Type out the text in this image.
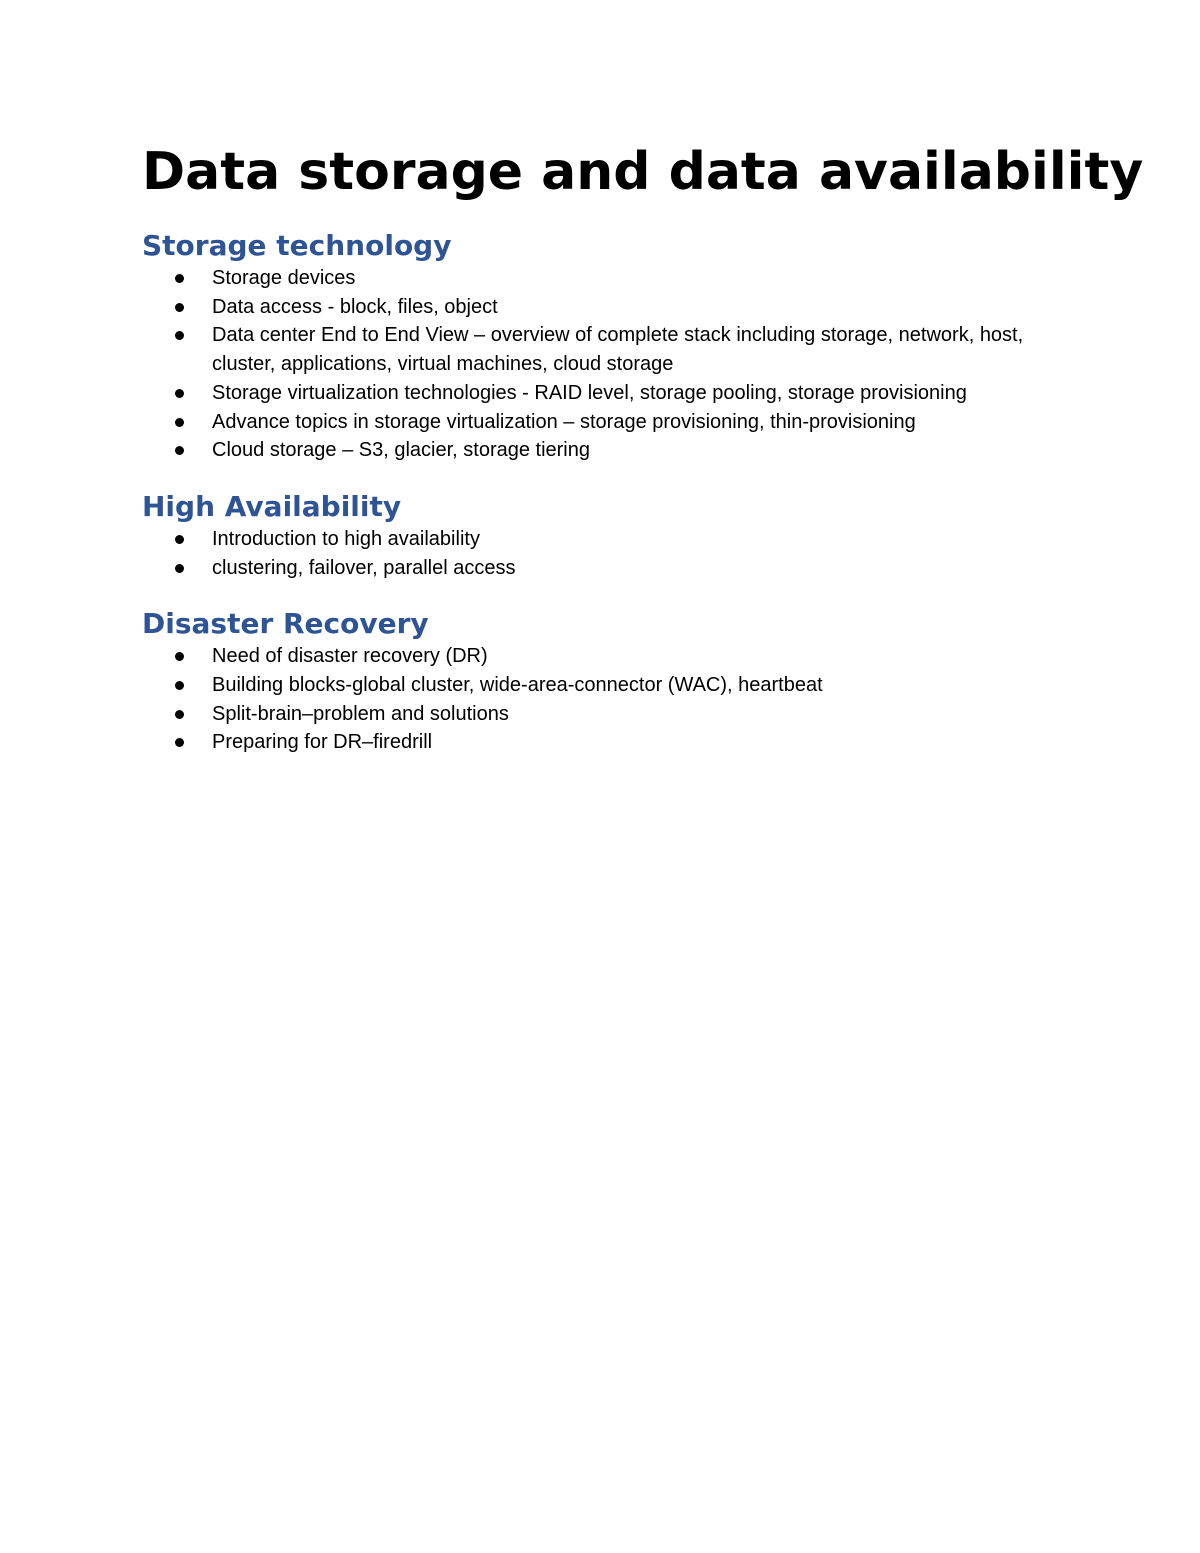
Data storage and data availability
Storage technology
Storage devices
Data access - block, files, object
Data center End to End View – overview of complete stack including storage, network, host, cluster, applications, virtual machines, cloud storage
Storage virtualization technologies - RAID level, storage pooling, storage provisioning
Advance topics in storage virtualization – storage provisioning, thin-provisioning
Cloud storage – S3, glacier, storage tiering
High Availability
Introduction to high availability
clustering, failover, parallel access
Disaster Recovery
Need of disaster recovery (DR)
Building blocks-global cluster, wide-area-connector (WAC), heartbeat
Split-brain–problem and solutions
Preparing for DR–firedrill
